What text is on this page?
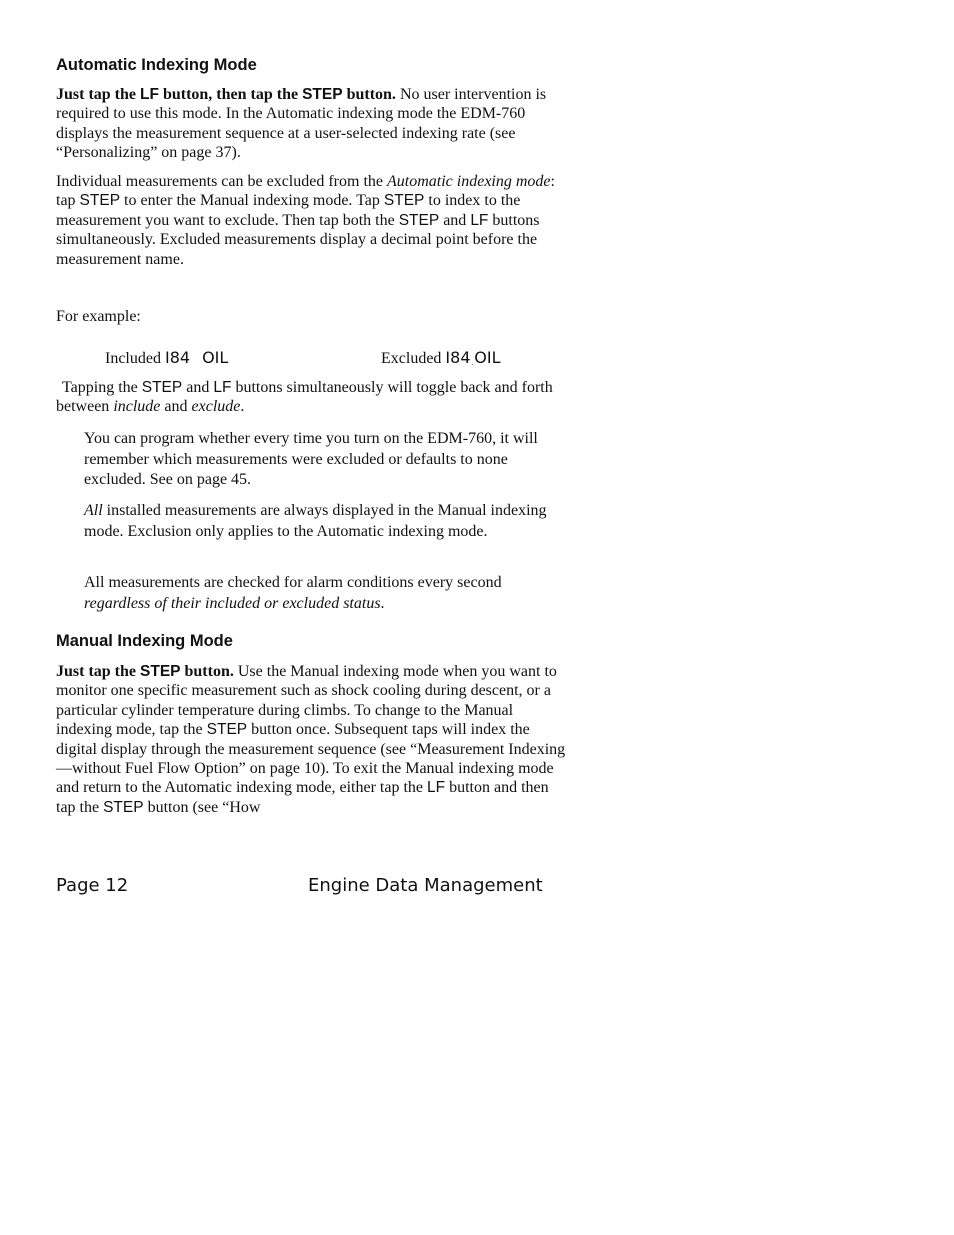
Automatic Indexing Mode
Just tap the LF button, then tap the STEP button. No user intervention is required to use this mode. In the Automatic indexing mode the EDM-760 displays the measurement sequence at a user-selected indexing rate (see “Personalizing” on page 37).
Individual measurements can be excluded from the Automatic indexing mode: tap STEP to enter the Manual indexing mode. Tap STEP to index to the measurement you want to exclude. Then tap both the STEP and LF buttons simultaneously. Excluded measurements display a decimal point before the measurement name.
For example:
Included I84 OIL	Excluded I84.OIL
Tapping the STEP and LF buttons simultaneously will toggle back and forth between include and exclude.
You can program whether every time you turn on the EDM-760, it will remember which measurements were excluded or defaults to none excluded. See on page 45.
All installed measurements are always displayed in the Manual indexing mode. Exclusion only applies to the Automatic indexing mode.
All measurements are checked for alarm conditions every second regardless of their included or excluded status.
Manual Indexing Mode
Just tap the STEP button. Use the Manual indexing mode when you want to monitor one specific measurement such as shock cooling during descent, or a particular cylinder temperature during climbs. To change to the Manual indexing mode, tap the STEP button once. Subsequent taps will index the digital display through the measurement sequence (see “Measurement Indexing—without Fuel Flow Option” on page 10). To exit the Manual indexing mode and return to the Automatic indexing mode, either tap the LF button and then tap the STEP button (see “How
Page 12	Engine Data Management
